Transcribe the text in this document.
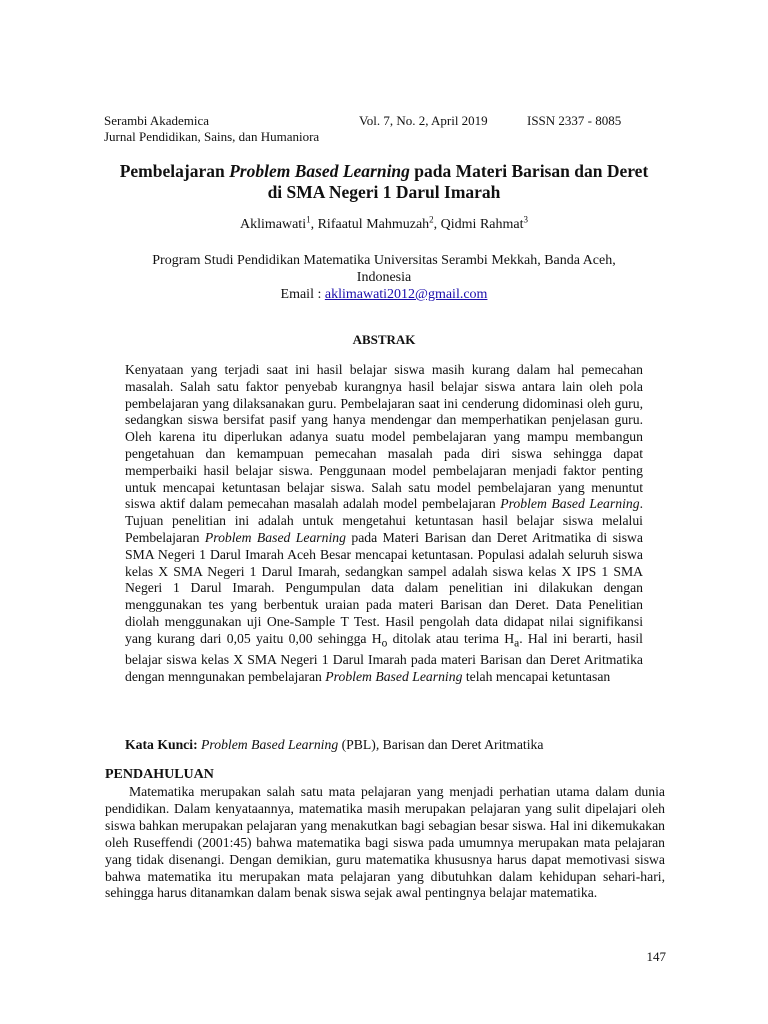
Serambi Akademica	Vol. 7, No. 2, April 2019	ISSN 2337 - 8085
Jurnal Pendidikan, Sains, dan Humaniora
Pembelajaran Problem Based Learning pada Materi Barisan dan Deret
di SMA Negeri 1 Darul Imarah
Aklimawati$^1$, Rifaatul Mahmuzah$^2$, Qidmi Rahmat$^3$
Program Studi Pendidikan Matematika Universitas Serambi Mekkah, Banda Aceh,
Indonesia
Email : aklimawati2012@gmail.com
ABSTRAK

Kenyataan yang terjadi saat ini hasil belajar siswa masih kurang dalam hal pemecahan masalah. Salah satu faktor penyebab kurangnya hasil belajar siswa antara lain oleh pola pembelajaran yang dilaksanakan guru. Pembelajaran saat ini cenderung didominasi oleh guru, sedangkan siswa bersifat pasif yang hanya mendengar dan memperhatikan penjelasan guru. Oleh karena itu diperlukan adanya suatu model pembelajaran yang mampu membangun pengetahuan dan kemampuan pemecahan masalah pada diri siswa sehingga dapat memperbaiki hasil belajar siswa. Penggunaan model pembelajaran menjadi faktor penting untuk mencapai ketuntasan belajar siswa. Salah satu model pembelajaran yang menuntut siswa aktif dalam pemecahan masalah adalah model pembelajaran Problem Based Learning. Tujuan penelitian ini adalah untuk mengetahui ketuntasan hasil belajar siswa melalui Pembelajaran Problem Based Learning pada Materi Barisan dan Deret Aritmatika di siswa SMA Negeri 1 Darul Imarah Aceh Besar mencapai ketuntasan. Populasi adalah seluruh siswa kelas X SMA Negeri 1 Darul Imarah, sedangkan sampel adalah siswa kelas X IPS 1 SMA Negeri 1 Darul Imarah. Pengumpulan data dalam penelitian ini dilakukan dengan menggunakan tes yang berbentuk uraian pada materi Barisan dan Deret. Data Penelitian diolah menggunakan uji One-Sample T Test. Hasil pengolah data didapat nilai signifikansi yang kurang dari 0,05 yaitu 0,00 sehingga $H_o$ ditolak atau terima $H_a$. Hal ini berarti, hasil belajar siswa kelas X SMA Negeri 1 Darul Imarah pada materi Barisan dan Deret Aritmatika dengan menngunakan pembelajaran Problem Based Learning telah mencapai ketuntasan

Kata Kunci: Problem Based Learning (PBL), Barisan dan Deret Aritmatika
PENDAHULUAN

Matematika merupakan salah satu mata pelajaran yang menjadi perhatian utama dalam dunia pendidikan. Dalam kenyataannya, matematika masih merupakan pelajaran yang sulit dipelajari oleh siswa bahkan merupakan pelajaran yang menakutkan bagi sebagian besar siswa. Hal ini dikemukakan oleh Ruseffendi (2001:45) bahwa matematika bagi siswa pada umumnya merupakan mata pelajaran yang tidak disenangi. Dengan demikian, guru matematika khususnya harus dapat memotivasi siswa bahwa matematika itu merupakan mata pelajaran yang dibutuhkan dalam kehidupan sehari-hari, sehingga harus ditanamkan dalam benak siswa sejak awal pentingnya belajar matematika.

147
